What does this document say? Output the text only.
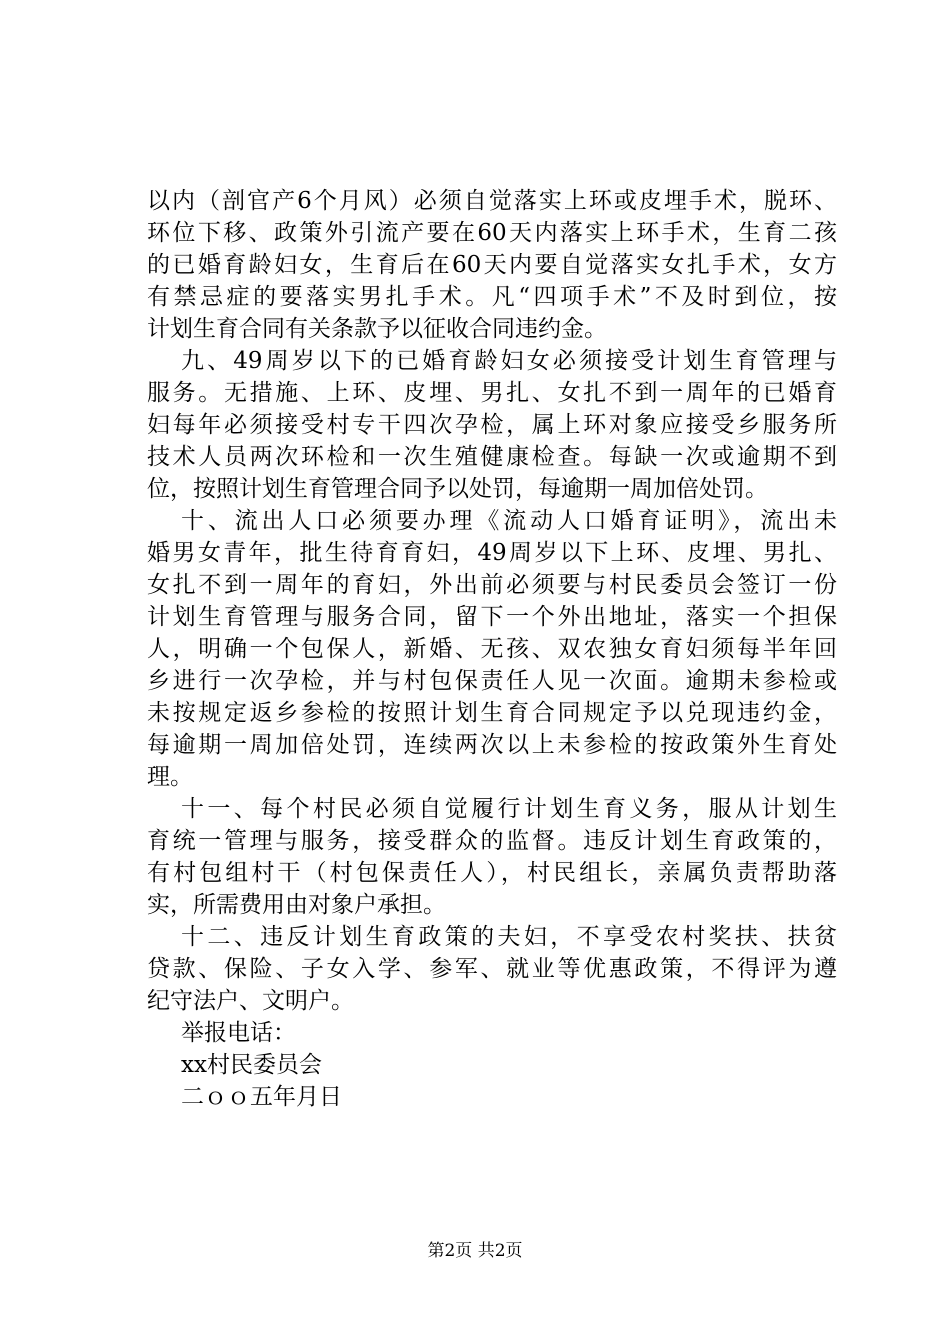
以内（剖官产6个月风）必须自觉落实上环或皮埋手术，脱环、
环位下移、政策外引流产要在60天内落实上环手术，生育二孩
的已婚育龄妇女，生育后在60天内要自觉落实女扎手术，女方
有禁忌症的要落实男扎手术。凡“四项手术”不及时到位，按
计划生育合同有关条款予以征收合同违约金。
九、49周岁以下的已婚育龄妇女必须接受计划生育管理与
服务。无措施、上环、皮埋、男扎、女扎不到一周年的已婚育
妇每年必须接受村专干四次孕检，属上环对象应接受乡服务所
技术人员两次环检和一次生殖健康检查。每缺一次或逾期不到
位，按照计划生育管理合同予以处罚，每逾期一周加倍处罚。
十、流出人口必须要办理《流动人口婚育证明》，流出未
婚男女青年，批生待育育妇，49周岁以下上环、皮埋、男扎、
女扎不到一周年的育妇，外出前必须要与村民委员会签订一份
计划生育管理与服务合同，留下一个外出地址，落实一个担保
人，明确一个包保人，新婚、无孩、双农独女育妇须每半年回
乡进行一次孕检，并与村包保责任人见一次面。逾期未参检或
未按规定返乡参检的按照计划生育合同规定予以兑现违约金，
每逾期一周加倍处罚，连续两次以上未参检的按政策外生育处
理。
十一、每个村民必须自觉履行计划生育义务，服从计划生
育统一管理与服务，接受群众的监督。违反计划生育政策的，
有村包组村干（村包保责任人），村民组长，亲属负责帮助落
实，所需费用由对象户承担。
十二、违反计划生育政策的夫妇，不享受农村奖扶、扶贫
贷款、保险、子女入学、参军、就业等优惠政策，不得评为遵
纪守法户、文明户。
举报电话：
xx村民委员会
二ｏｏ五年月日
第2页 共2页
